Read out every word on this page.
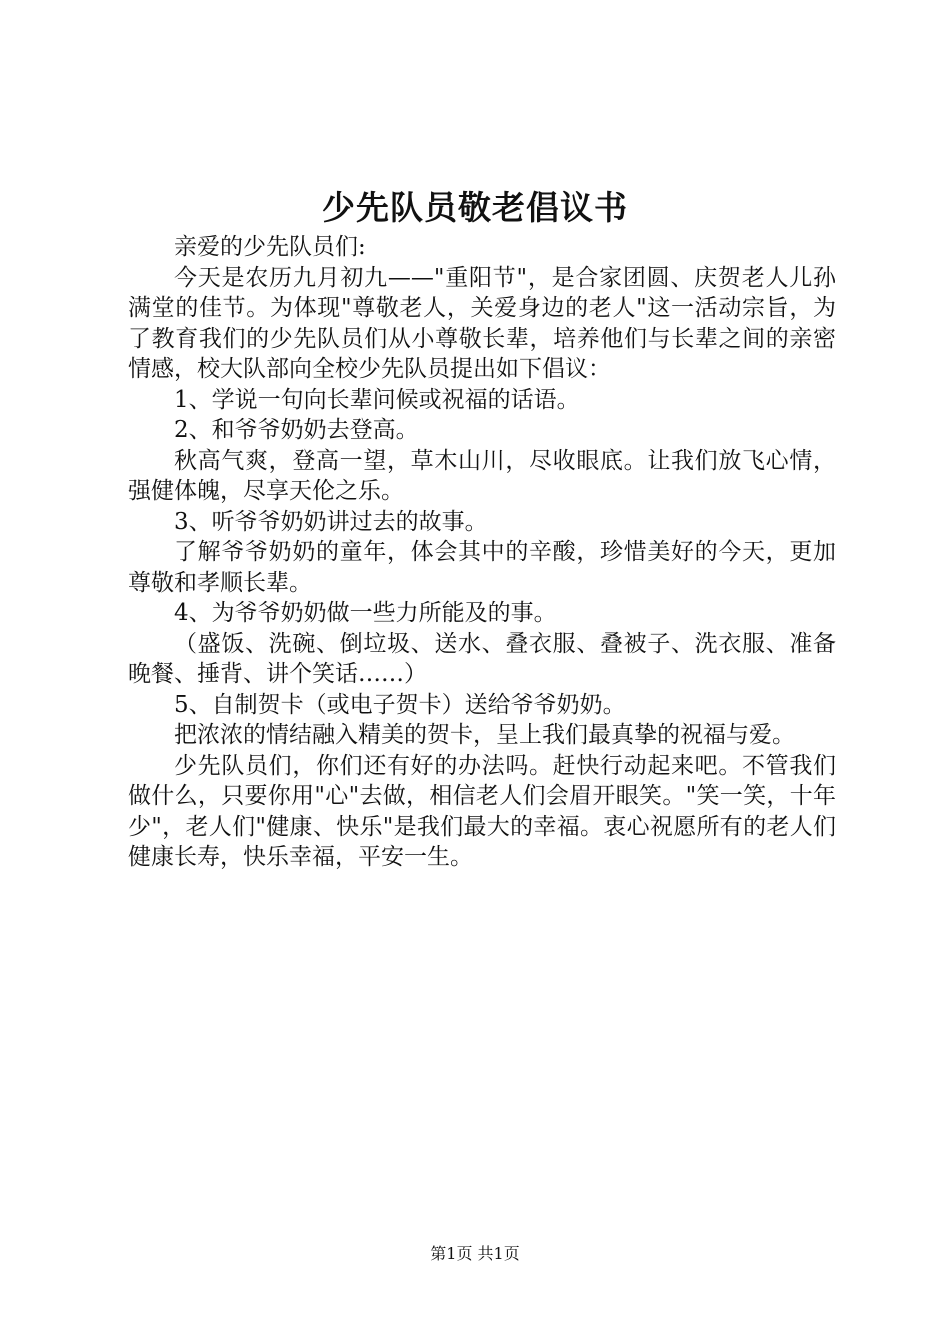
少先队员敬老倡议书

亲爱的少先队员们:

今天是农历九月初九——"重阳节"，是合家团圆、庆贺老人儿孙满堂的佳节。为体现"尊敬老人，关爱身边的老人"这一活动宗旨，为了教育我们的少先队员们从小尊敬长辈，培养他们与长辈之间的亲密情感，校大队部向全校少先队员提出如下倡议：

1、学说一句向长辈问候或祝福的话语。

2、和爷爷奶奶去登高。

秋高气爽，登高一望，草木山川，尽收眼底。让我们放飞心情，强健体魄，尽享天伦之乐。

3、听爷爷奶奶讲过去的故事。

了解爷爷奶奶的童年，体会其中的辛酸，珍惜美好的今天，更加尊敬和孝顺长辈。

4、为爷爷奶奶做一些力所能及的事。

（盛饭、洗碗、倒垃圾、送水、叠衣服、叠被子、洗衣服、准备晚餐、捶背、讲个笑话……）

5、自制贺卡（或电子贺卡）送给爷爷奶奶。

把浓浓的情结融入精美的贺卡，呈上我们最真挚的祝福与爱。

少先队员们，你们还有好的办法吗。赶快行动起来吧。不管我们做什么，只要你用"心"去做，相信老人们会眉开眼笑。"笑一笑，十年少"，老人们"健康、快乐"是我们最大的幸福。衷心祝愿所有的老人们健康长寿，快乐幸福，平安一生。

第1页 共1页
